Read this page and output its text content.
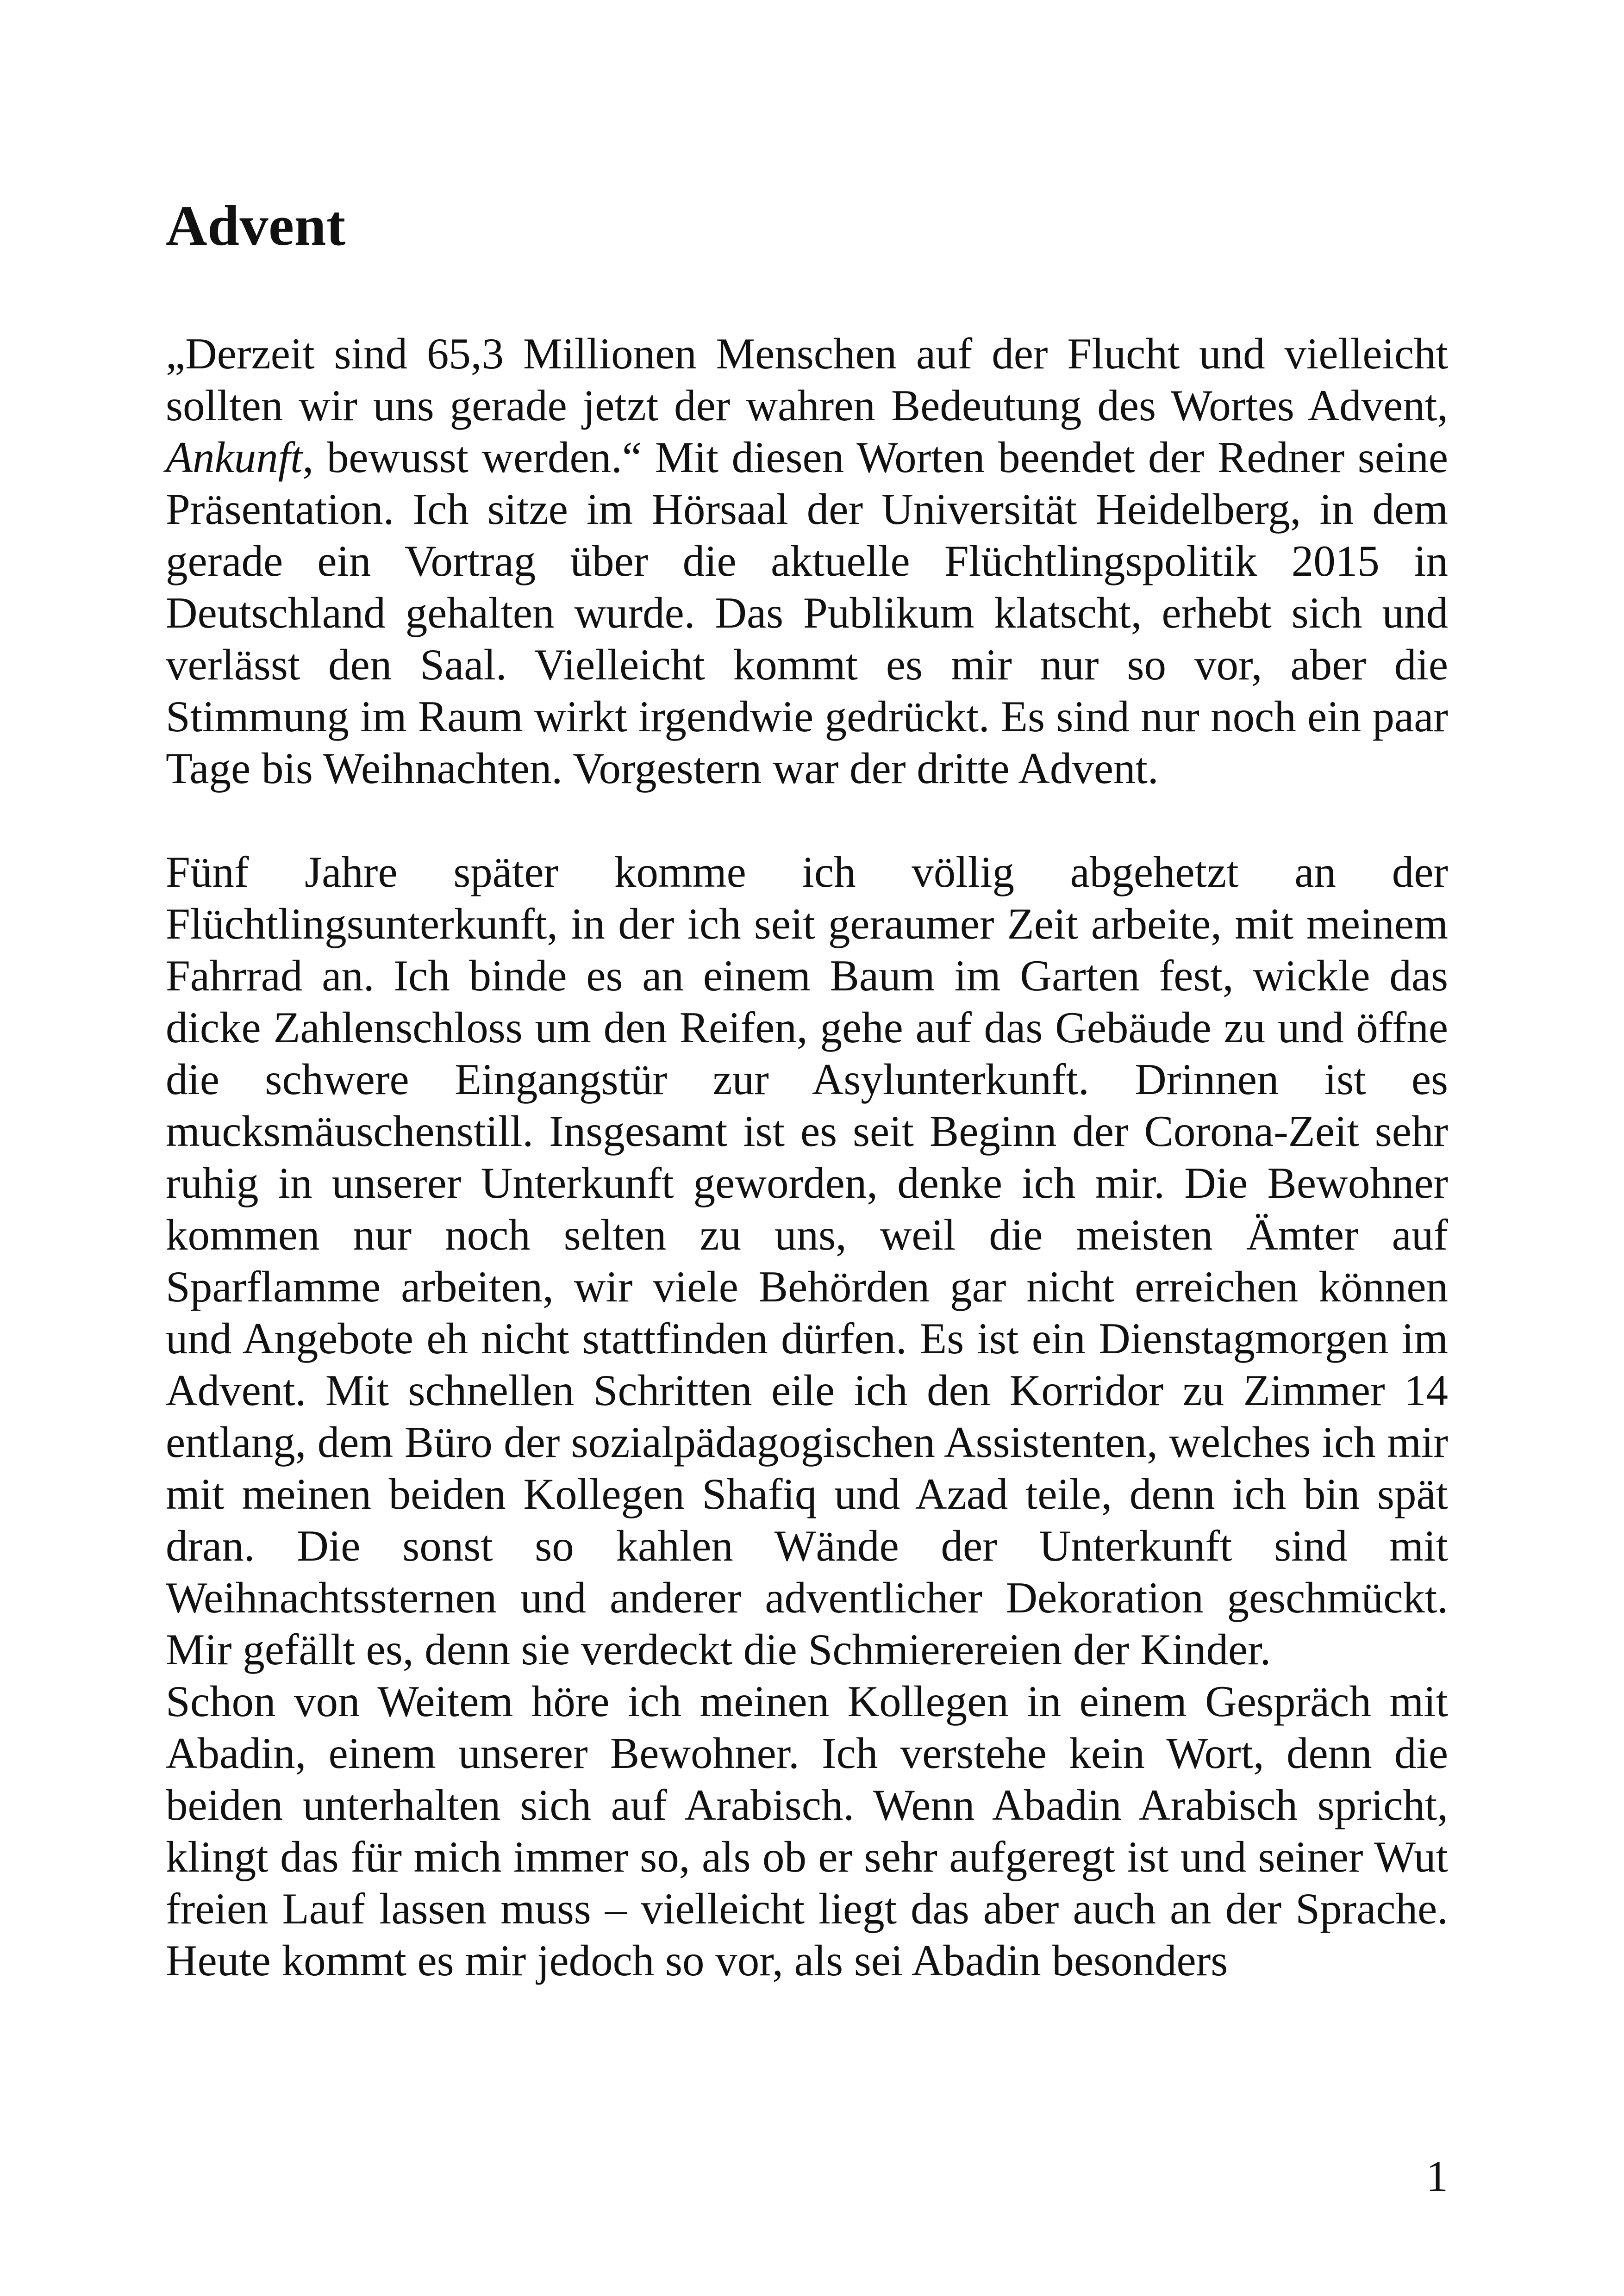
Advent

„Derzeit sind 65,3 Millionen Menschen auf der Flucht und vielleicht sollten wir uns gerade jetzt der wahren Bedeutung des Wortes Advent, Ankunft, bewusst werden.“ Mit diesen Worten beendet der Redner seine Präsentation. Ich sitze im Hörsaal der Universität Heidelberg, in dem gerade ein Vortrag über die aktuelle Flüchtlingspolitik 2015 in Deutschland gehalten wurde. Das Publikum klatscht, erhebt sich und verlässt den Saal. Vielleicht kommt es mir nur so vor, aber die Stimmung im Raum wirkt irgendwie gedrückt. Es sind nur noch ein paar Tage bis Weihnachten. Vorgestern war der dritte Advent.

Fünf Jahre später komme ich völlig abgehetzt an der Flüchtlingsunterkunft, in der ich seit geraumer Zeit arbeite, mit meinem Fahrrad an. Ich binde es an einem Baum im Garten fest, wickle das dicke Zahlenschloss um den Reifen, gehe auf das Gebäude zu und öffne die schwere Eingangstür zur Asylunterkunft. Drinnen ist es mucksmäuschenstill. Insgesamt ist es seit Beginn der Corona-Zeit sehr ruhig in unserer Unterkunft geworden, denke ich mir. Die Bewohner kommen nur noch selten zu uns, weil die meisten Ämter auf Sparflamme arbeiten, wir viele Behörden gar nicht erreichen können und Angebote eh nicht stattfinden dürfen. Es ist ein Dienstagmorgen im Advent. Mit schnellen Schritten eile ich den Korridor zu Zimmer 14 entlang, dem Büro der sozialpädagogischen Assistenten, welches ich mir mit meinen beiden Kollegen Shafiq und Azad teile, denn ich bin spät dran. Die sonst so kahlen Wände der Unterkunft sind mit Weihnachtssternen und anderer adventlicher Dekoration geschmückt. Mir gefällt es, denn sie verdeckt die Schmierereien der Kinder.

Schon von Weitem höre ich meinen Kollegen in einem Gespräch mit Abadin, einem unserer Bewohner. Ich verstehe kein Wort, denn die beiden unterhalten sich auf Arabisch. Wenn Abadin Arabisch spricht, klingt das für mich immer so, als ob er sehr aufgeregt ist und seiner Wut freien Lauf lassen muss – vielleicht liegt das aber auch an der Sprache. Heute kommt es mir jedoch so vor, als sei Abadin besonders

1
